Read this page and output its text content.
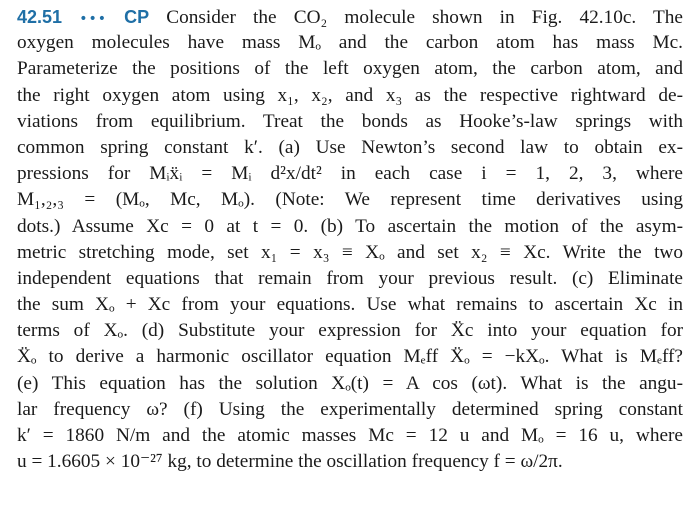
42.51 ••• CP Consider the CO₂ molecule shown in Fig. 42.10c. The
oxygen molecules have mass Mₒ and the carbon atom has mass Mc.
Parameterize the positions of the left oxygen atom, the carbon atom, and
the right oxygen atom using x₁, x₂, and x₃ as the respective rightward de-
viations from equilibrium. Treat the bonds as Hooke’s-law springs with
common spring constant k′. (a) Use Newton’s second law to obtain ex-
pressions for Mᵢẍᵢ = Mᵢ d²x/dt² in each case i = 1, 2, 3, where
M₁,₂,₃ = (Mₒ, Mc, Mₒ). (Note: We represent time derivatives using
dots.) Assume Xc = 0 at t = 0. (b) To ascertain the motion of the asym-
metric stretching mode, set x₁ = x₃ ≡ Xₒ and set x₂ ≡ Xc. Write the two
independent equations that remain from your previous result. (c) Eliminate
the sum Xₒ + Xc from your equations. Use what remains to ascertain Xc in
terms of Xₒ. (d) Substitute your expression for Ẍc into your equation for
Ẍₒ to derive a harmonic oscillator equation Mₑff Ẍₒ = −kXₒ. What is Mₑff?
(e) This equation has the solution Xₒ(t) = A cos (ωt). What is the angu-
lar frequency ω? (f) Using the experimentally determined spring constant
k′ = 1860 N/m and the atomic masses Mc = 12 u and Mₒ = 16 u, where
u = 1.6605 × 10⁻²⁷ kg, to determine the oscillation frequency f = ω/2π.
